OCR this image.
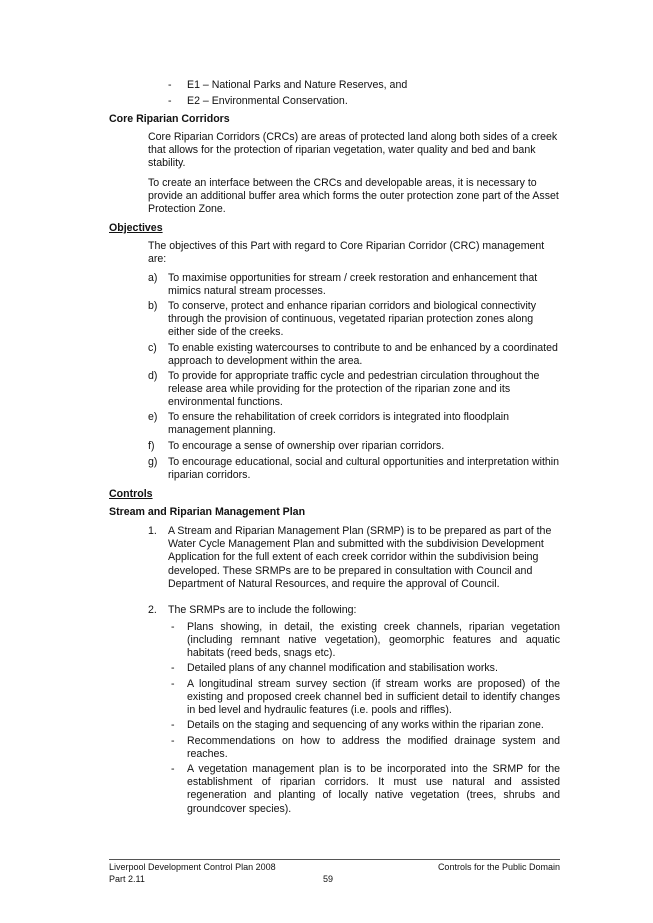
- E1 – National Parks and Nature Reserves, and
- E2 – Environmental Conservation.
Core Riparian Corridors

Core Riparian Corridors (CRCs) are areas of protected land along both sides of a creek that allows for the protection of riparian vegetation, water quality and bed and bank stability.

To create an interface between the CRCs and developable areas, it is necessary to provide an additional buffer area which forms the outer protection zone part of the Asset Protection Zone.

Objectives

The objectives of this Part with regard to Core Riparian Corridor (CRC) management are:

a) To maximise opportunities for stream / creek restoration and enhancement that mimics natural stream processes.

b) To conserve, protect and enhance riparian corridors and biological connectivity through the provision of continuous, vegetated riparian protection zones along either side of the creeks.

c) To enable existing watercourses to contribute to and be enhanced by a coordinated approach to development within the area.

d) To provide for appropriate traffic cycle and pedestrian circulation throughout the release area while providing for the protection of the riparian zone and its environmental functions.

e) To ensure the rehabilitation of creek corridors is integrated into floodplain management planning.

f) To encourage a sense of ownership over riparian corridors.

g) To encourage educational, social and cultural opportunities and interpretation within riparian corridors.

Controls
Stream and Riparian Management Plan
1. A Stream and Riparian Management Plan (SRMP) is to be prepared as part of the Water Cycle Management Plan and submitted with the subdivision Development Application for the full extent of each creek corridor within the subdivision being developed. These SRMPs are to be prepared in consultation with Council and Department of Natural Resources, and require the approval of Council.

2. The SRMPs are to include the following:

- Plans showing, in detail, the existing creek channels, riparian vegetation (including remnant native vegetation), geomorphic features and aquatic habitats (reed beds, snags etc).

- Detailed plans of any channel modification and stabilisation works.

- A longitudinal stream survey section (if stream works are proposed) of the existing and proposed creek channel bed in sufficient detail to identify changes in bed level and hydraulic features (i.e. pools and riffles).

- Details on the staging and sequencing of any works within the riparian zone.

- Recommendations on how to address the modified drainage system and reaches.

- A vegetation management plan is to be incorporated into the SRMP for the establishment of riparian corridors. It must use natural and assisted regeneration and planting of locally native vegetation (trees, shrubs and groundcover species).

Liverpool Development Control Plan 2008
Part 2.11
Controls for the Public Domain
59
